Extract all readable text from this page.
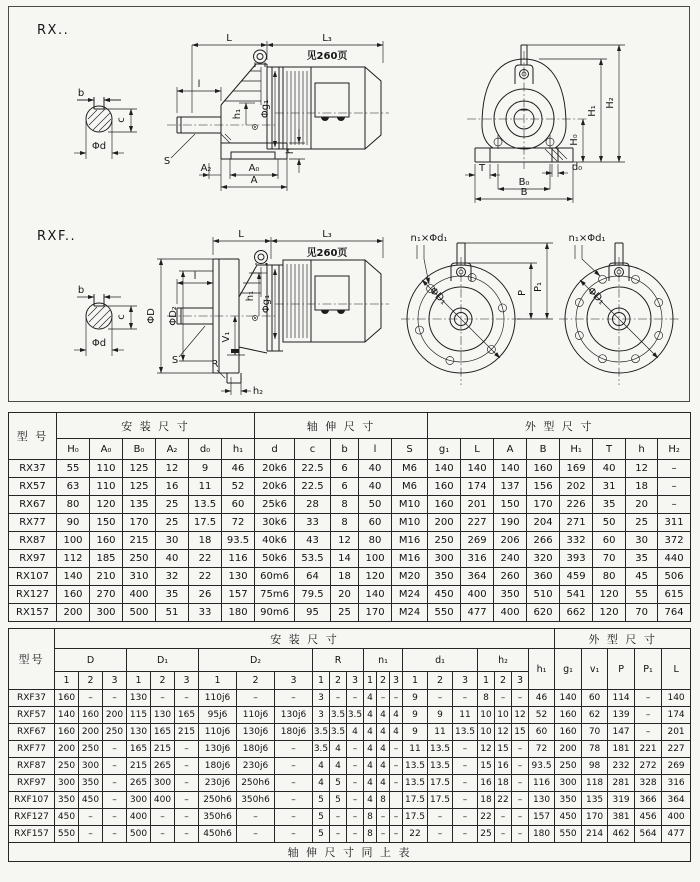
RX..
b
c
Φd
L	L₃
见260页
l
h₁ Φg₁
S
h
A₂	A₀
A
H₂
H₁
H₀
T	d₀
B₀
B
RXF..
b
c
Φd
L	L₃
见260页
l
ΦD ΦD₂
h₁ Φg₁
V₁
R
h₂
S
n₁×Φd₁
ΦD₁	P
P₁
n₁×Φd₁
ΦD₁
型 号	安 装 尺 寸						轴 伸 尺 寸					外 型 尺 寸							
	H₀	A₀	B₀	A₂	d₀	h₁	d	c	b	l	S	g₁	L	A	B	H₁	T	h	H₂
RX37	55	110	125	12	9	46	20k6	22.5	6	40	M6	140	140	140	160	169	40	12	–
RX57	63	110	125	16	11	52	20k6	22.5	6	40	M6	160	174	137	156	202	31	18	–
RX67	80	120	135	25	13.5	60	25k6	28	8	50	M10	160	201	150	170	226	35	20	–
RX77	90	150	170	25	17.5	72	30k6	33	8	60	M10	200	227	190	204	271	50	25	311
RX87	100	160	215	30	18	93.5	40k6	43	12	80	M16	250	269	206	266	332	60	30	372
RX97	112	185	250	40	22	116	50k6	53.5	14	100	M16	300	316	240	320	393	70	35	440
RX107	140	210	310	32	22	130	60m6	64	18	120	M20	350	364	260	360	459	80	45	506
RX127	160	270	400	35	26	157	75m6	79.5	20	140	M24	450	400	350	510	541	120	55	615
RX157	200	300	500	51	33	180	90m6	95	25	170	M24	550	477	400	620	662	120	70	764
型号	安 装 尺 寸																						外 型 尺 寸				
	D			D₁			D₂			R			n₁			d₁			h₂			h₁	g₁	v₁	P	P₁	L
	1	2	3	1	2	3	1	2	3	1	2	3	1	2	3	1	2	3	1	2	3						
RXF37	160	–	–	130	–	–	110j6	–	–	3	–	–	4	–	–	9	–	–	8	–	–	46	140	60	114	–	140
RXF57	140	160	200	115	130	165	95j6	110j6	130j6	3	3.5	3.5	4	4	4	9	9	11	10	10	12	52	160	62	139	–	174
RXF67	160	200	250	130	165	215	110j6	130j6	180j6	3.5	3.5	4	4	4	4	9	11	13.5	10	12	15	60	160	70	147	–	201
RXF77	200	250	–	165	215	–	130j6	180j6	–	3.5	4	–	4	4	–	11	13.5	–	12	15	–	72	200	78	181	221	227
RXF87	250	300	–	215	265	–	180j6	230j6	–	4	4	–	4	4	–	13.5	13.5	–	15	16	–	93.5	250	98	232	272	269
RXF97	300	350	–	265	300	–	230j6	250h6	–	4	5	–	4	4	–	13.5	17.5	–	16	18	–	116	300	118	281	328	316
RXF107	350	450	–	300	400	–	250h6	350h6	–	5	5	–	4	8		17.5	17.5	–	18	22	–	130	350	135	319	366	364
RXF127	450	–	–	400	–	–	350h6	–	–	5	–	–	8	–	–	17.5	–	–	22	–	–	157	450	170	381	456	400
RXF157	550	–	–	500	–	–	450h6	–	–	5	–	–	8	–	–	22	–	–	25	–	–	180	550	214	462	564	477
轴 伸 尺 寸 同 上 表																											
